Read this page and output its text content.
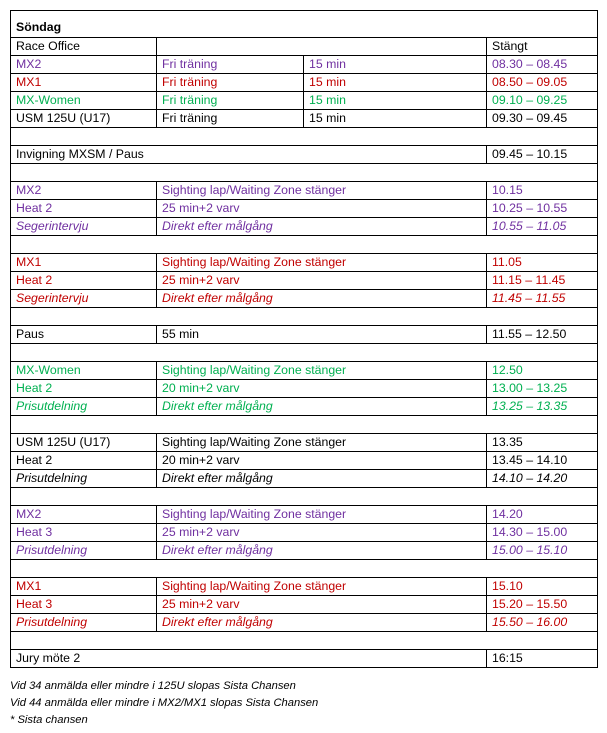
Söndag			
Race Office			Stängt
MX2	Fri träning	15 min	08.30 – 08.45
MX1	Fri träning	15 min	08.50 – 09.05
MX-Women	Fri träning	15 min	09.10 – 09.25
USM 125U (U17)	Fri träning	15 min	09.30 – 09.45

Invigning MXSM / Paus			09.45 – 10.15

MX2	Sighting lap/Waiting Zone stänger		10.15
Heat 2	25 min+2 varv		10.25 – 10.55
Segerintervju	Direkt efter målgång		10.55 – 11.05

MX1	Sighting lap/Waiting Zone stänger		11.05
Heat 2	25 min+2 varv		11.15 – 11.45
Segerintervju	Direkt efter målgång		11.45 – 11.55

Paus	55 min		11.55 – 12.50

MX-Women	Sighting lap/Waiting Zone stänger		12.50
Heat 2	20 min+2 varv		13.00 – 13.25
Prisutdelning	Direkt efter målgång		13.25 – 13.35

USM 125U (U17)	Sighting lap/Waiting Zone stänger		13.35
Heat 2	20 min+2 varv		13.45 – 14.10
Prisutdelning	Direkt efter målgång		14.10 – 14.20

MX2	Sighting lap/Waiting Zone stänger		14.20
Heat 3	25 min+2 varv		14.30 – 15.00
Prisutdelning	Direkt efter målgång		15.00 – 15.10

MX1	Sighting lap/Waiting Zone stänger		15.10
Heat 3	25 min+2 varv		15.20 – 15.50
Prisutdelning	Direkt efter målgång		15.50 – 16.00

Jury möte 2			16:15
Vid 34 anmälda eller mindre i 125U slopas Sista Chansen
Vid 44 anmälda eller mindre i MX2/MX1 slopas Sista Chansen
* Sista chansen
